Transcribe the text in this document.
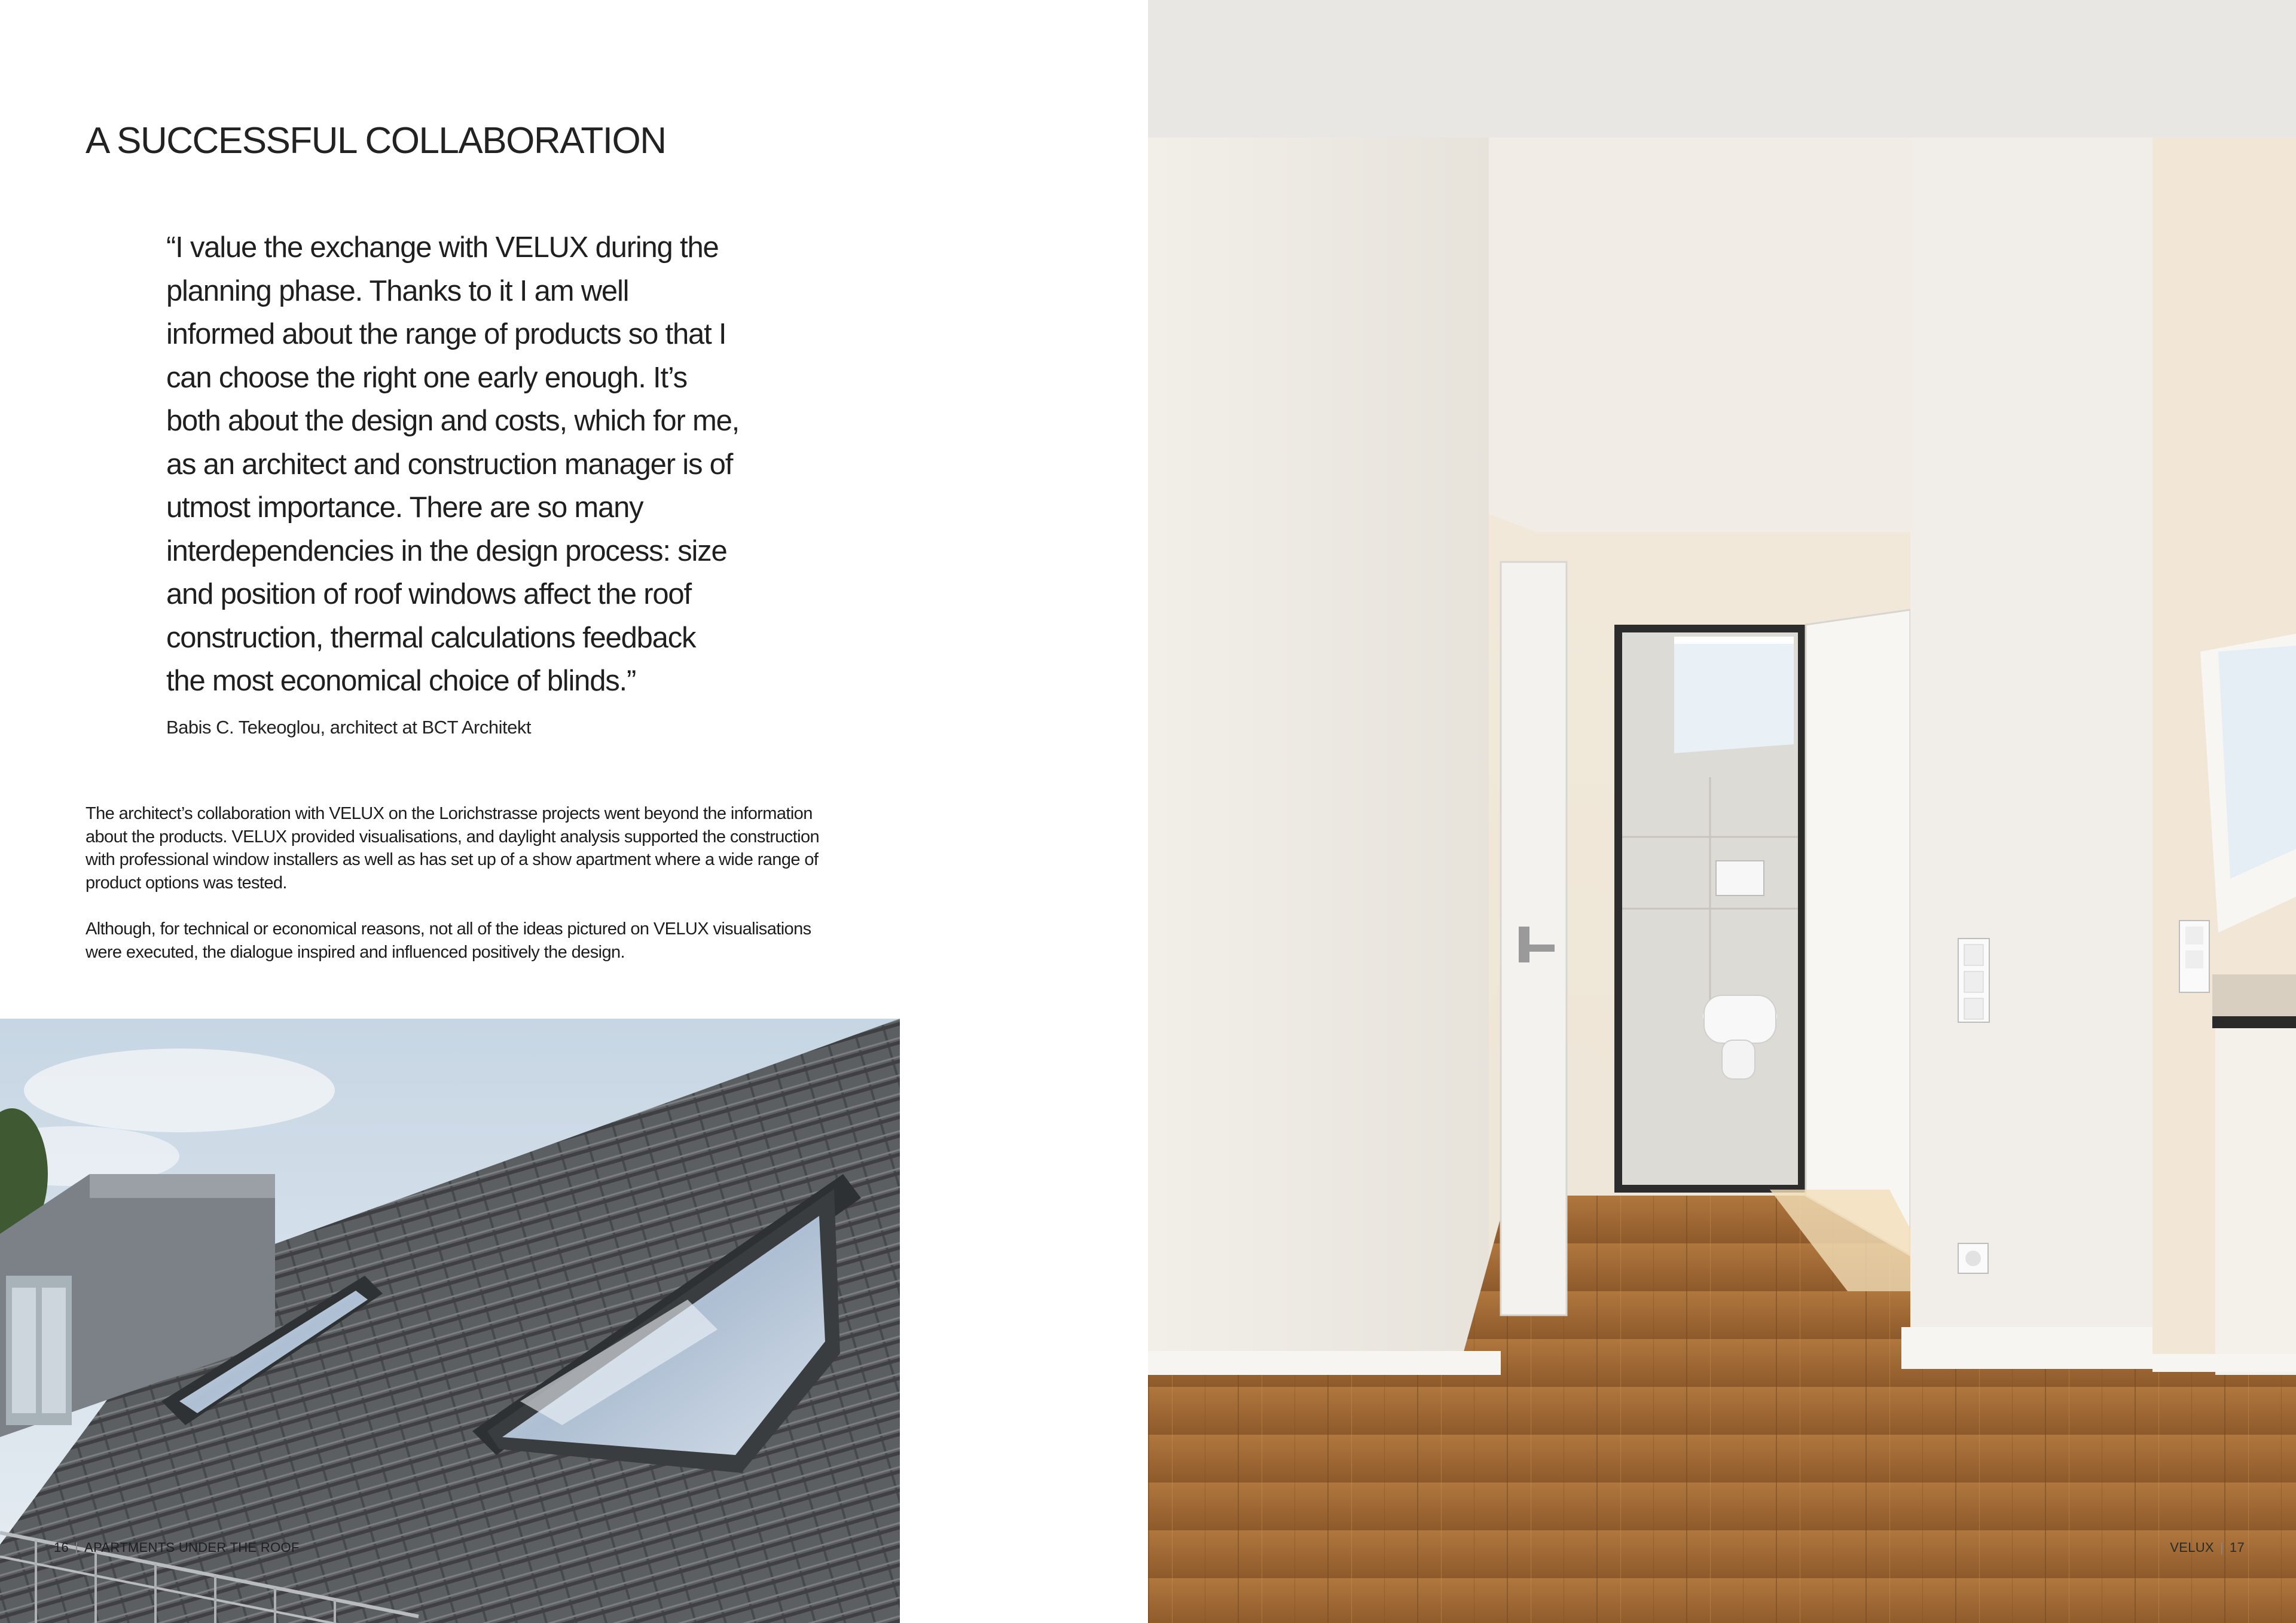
A SUCCESSFUL COLLABORATION

“I value the exchange with VELUX during the planning phase. Thanks to it I am well informed about the range of products so that I can choose the right one early enough. It’s both about the design and costs, which for me, as an architect and construction manager is of utmost importance. There are so many interdependencies in the design process: size and position of roof windows affect the roof construction, thermal calculations feedback the most economical choice of blinds.”

Babis C. Tekeoglou, architect at BCT Architekt

The architect’s collaboration with VELUX on the Lorichstrasse projects went beyond the information about the products. VELUX provided visualisations, and daylight analysis supported the construction with professional window installers as well as has set up of a show apartment where a wide range of product options was tested.

Although, for technical or economical reasons, not all of the ideas pictured on VELUX visualisations were executed, the dialogue inspired and influenced positively the design.

16 | APARTMENTS UNDER THE ROOF	VELUX | 17
